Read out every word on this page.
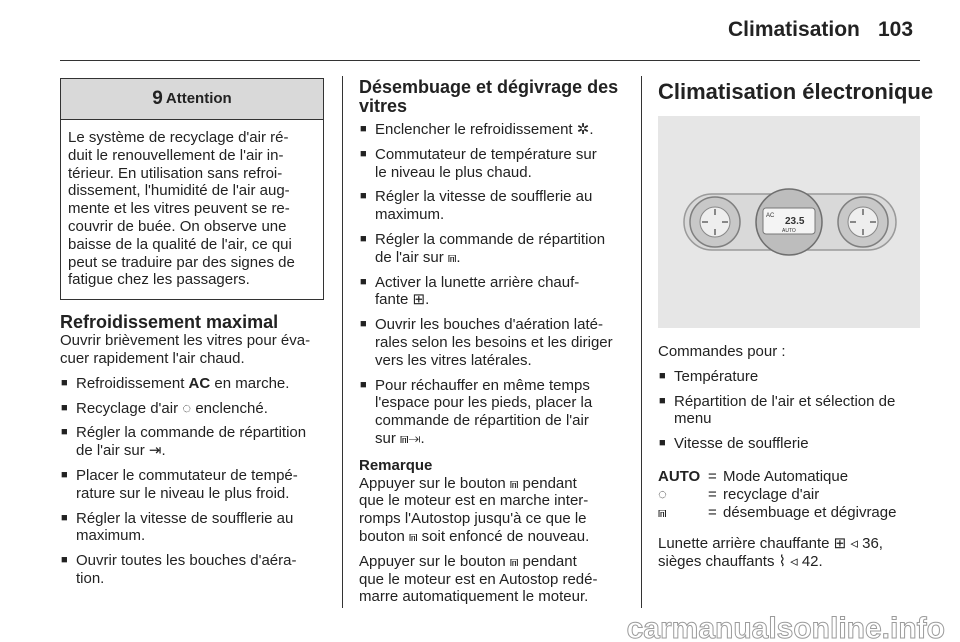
Climatisation 103
9 Attention
Le système de recyclage d'air ré-
duit le renouvellement de l'air in-
térieur. En utilisation sans refroi-
dissement, l'humidité de l'air aug-
mente et les vitres peuvent se re-
couvrir de buée. On observe une
baisse de la qualité de l'air, ce qui
peut se traduire par des signes de
fatigue chez les passagers.
Refroidissement maximal
Ouvrir brièvement les vitres pour éva-
cuer rapidement l'air chaud.
■ Refroidissement AC en marche.
■ Recyclage d'air ◌ enclenché.
■ Régler la commande de répartition
de l'air sur ⇥.
■ Placer le commutateur de tempé-
rature sur le niveau le plus froid.
■ Régler la vitesse de soufflerie au
maximum.
■ Ouvrir toutes les bouches d'aéra-
tion.
Désembuage et dégivrage des
vitres
■ Enclencher le refroidissement ✲.
■ Commutateur de température sur
le niveau le plus chaud.
■ Régler la vitesse de soufflerie au
maximum.
■ Régler la commande de répartition
de l'air sur ⩎.
■ Activer la lunette arrière chauf-
fante ⊞.
■ Ouvrir les bouches d'aération laté-
rales selon les besoins et les diriger
vers les vitres latérales.
■ Pour réchauffer en même temps
l'espace pour les pieds, placer la
commande de répartition de l'air
sur ⩎⇥.
Remarque
Appuyer sur le bouton ⩎ pendant
que le moteur est en marche inter-
romps l'Autostop jusqu'à ce que le
bouton ⩎ soit enfoncé de nouveau.
Appuyer sur le bouton ⩎ pendant
que le moteur est en Autostop redé-
marre automatiquement le moteur.
Climatisation électronique
AC 23.5
AUTO

Commandes pour :

■ Température
■ Répartition de l'air et sélection de
menu
■ Vitesse de soufflerie
AUTO = Mode Automatique
◌	= recyclage d'air
⩎	= désembuage et dégivrage
Lunette arrière chauffante ⊞ ◃ 36,
sièges chauffants ⌇ ◃ 42.
carmanualsonline.info
